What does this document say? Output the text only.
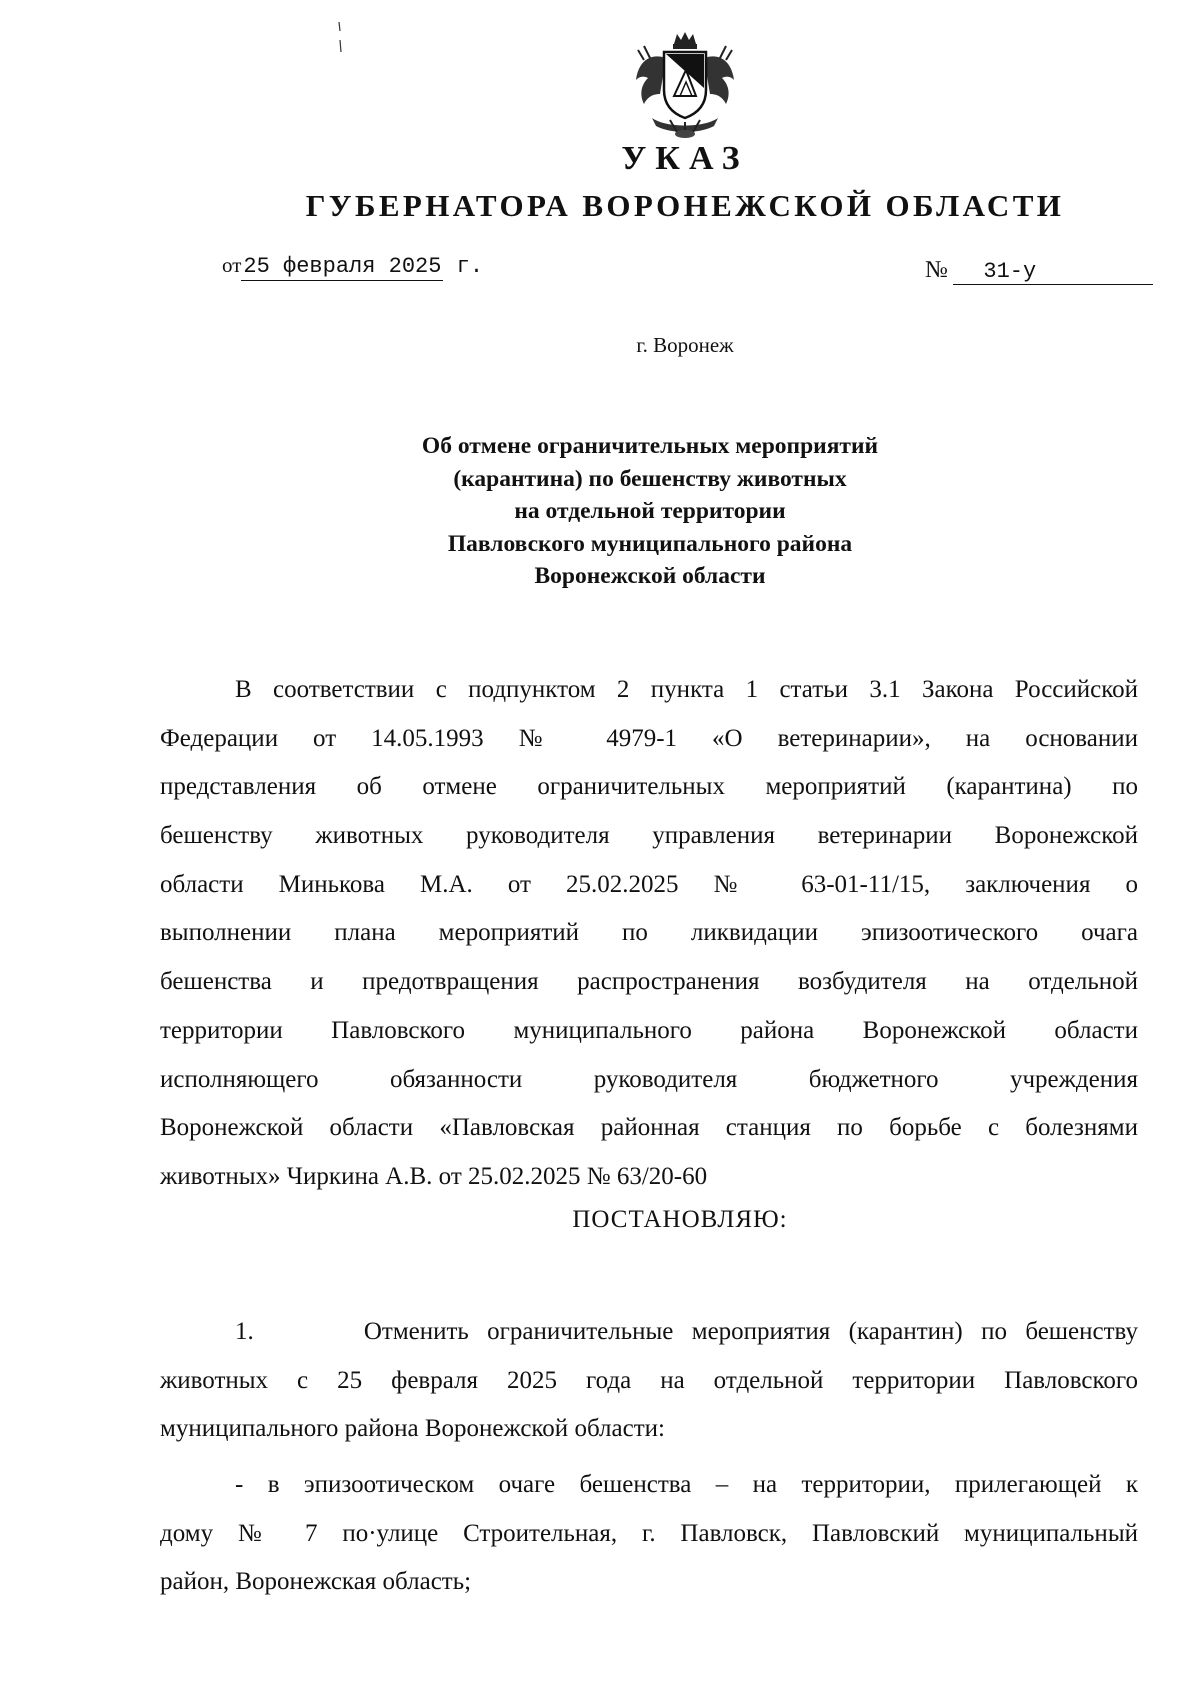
УКАЗ
ГУБЕРНАТОРА ВОРОНЕЖСКОЙ ОБЛАСТИ
от25 февраля 2025 г.	№ 31-у
г. Воронеж
Об отмене ограничительных мероприятий
(карантина) по бешенству животных
на отдельной территории
Павловского муниципального района
Воронежской области
В соответствии с подпунктом 2 пункта 1 статьи 3.1 Закона Российской
Федерации от 14.05.1993 № 4979-1 «О ветеринарии», на основании
представления об отмене ограничительных мероприятий (карантина) по
бешенству животных руководителя управления ветеринарии Воронежской
области Минькова М.А. от 25.02.2025 № 63-01-11/15, заключения о
выполнении плана мероприятий по ликвидации эпизоотического очага
бешенства и предотвращения распространения возбудителя на отдельной
территории Павловского муниципального района Воронежской области
исполняющего обязанности руководителя бюджетного учреждения
Воронежской области «Павловская районная станция по борьбе с болезнями
животных» Чиркина А.В. от 25.02.2025 № 63/20-60
ПОСТАНОВЛЯЮ:
1.      Отменить ограничительные мероприятия (карантин) по бешенству
животных с 25 февраля 2025 года на отдельной территории Павловского
муниципального района Воронежской области:
- в эпизоотическом очаге бешенства – на территории, прилегающей к
дому № 7 по·улице Строительная, г. Павловск, Павловский муниципальный
район, Воронежская область;
